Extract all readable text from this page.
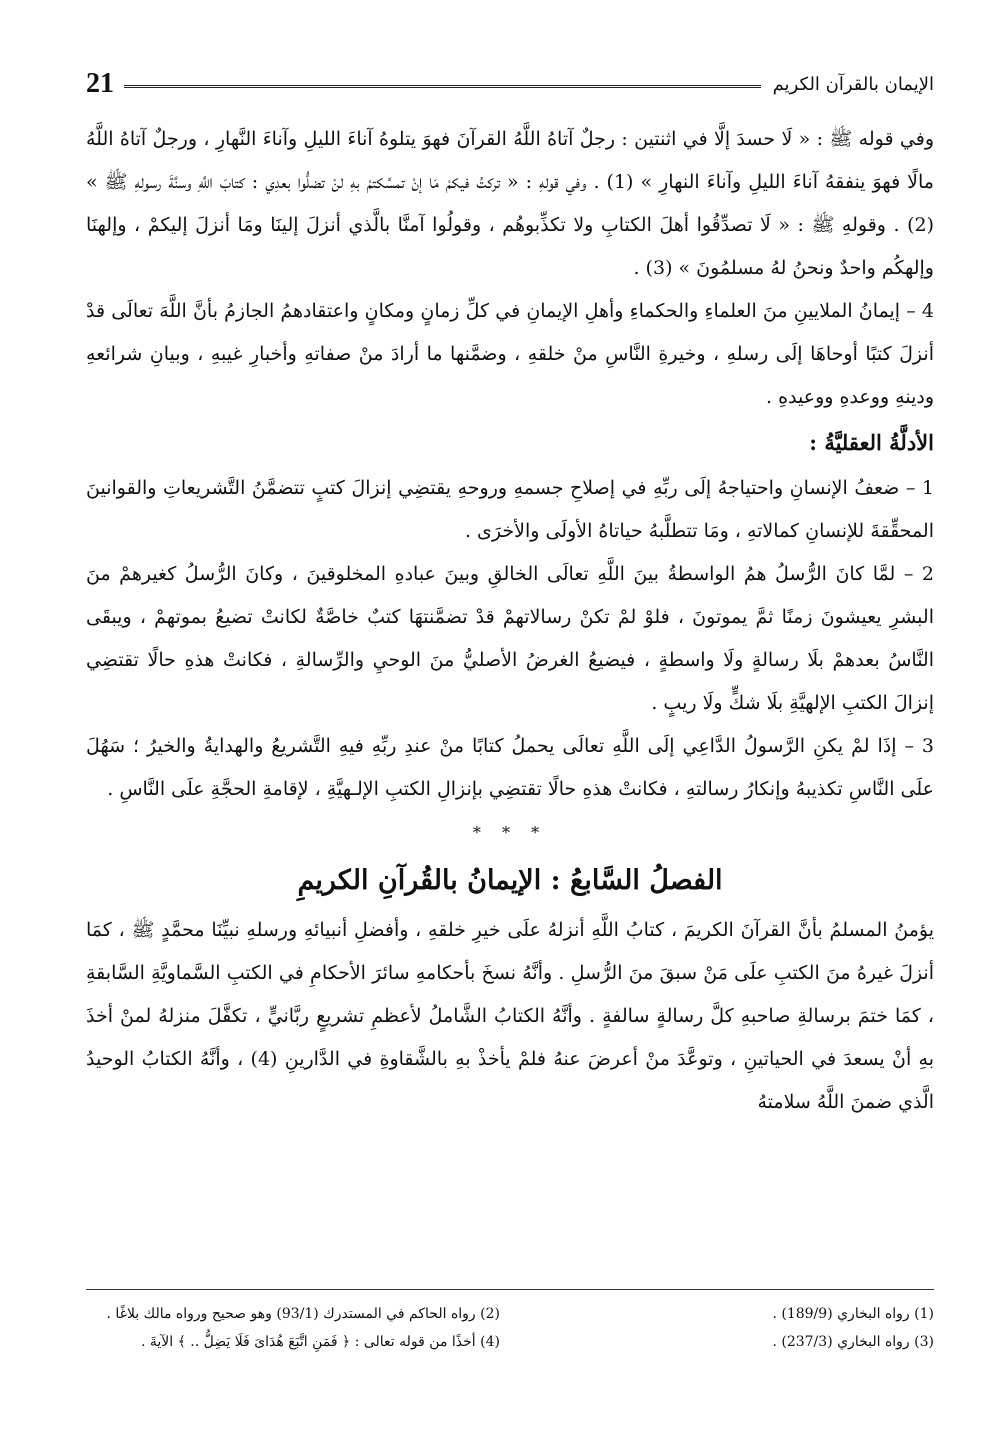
21	الإيمان بالقرآن الكريم

وفي قوله ﷺ : « لَا حسدَ إلَّا في اثنتين : رجلٌ آتاهُ اللَّهُ القرآنَ فهوَ يتلوهُ آناءَ الليلِ وآناءَ النَّهارِ ، ورجلٌ آتاهُ اللَّهُ مالًا فهوَ ينفقهُ آناءَ الليلِ وآناءَ النهارِ » (1) . وفي قولهِ : « تركتُ فيكمْ مَا إنْ تمسَّكتمْ بهِ لنْ تضلُّوا بعدِي : كتابَ اللَّهِ وسنَّةَ رسولهِ ﷺ » (2) . وقولهِ ﷺ : « لَا تصدِّقُوا أهلَ الكتابِ ولا تكذِّبوهُم ، وقولُوا آمنَّا بالَّذي أنزلَ إلينَا ومَا أنزلَ إليكمْ ، وإلهنَا وإلهكُم واحدٌ ونحنُ لهُ مسلمُونَ » (3) .

4 – إيمانُ الملايينِ منَ العلماءِ والحكماءِ وأهلِ الإيمانِ في كلِّ زمانٍ ومكانٍ واعتقادهمُ الجازمُ بأنَّ اللَّهَ تعالَى قدْ أنزلَ كتبًا أوحاهَا إلَى رسلهِ ، وخيرةِ النَّاسِ منْ خلقهِ ، وضمَّنها ما أرادَ منْ صفاتهِ وأخبارِ غيبهِ ، وبيانِ شرائعهِ ودينهِ ووعدهِ ووعيدهِ .

الأدلَّةُ العقليَّةُ :

1 – ضعفُ الإنسانِ واحتياجهُ إلَى ربِّهِ في إصلاحِ جسمهِ وروحهِ يقتضِي إنزالَ كتبٍ تتضمَّنُ التَّشريعاتِ والقوانينَ المحقِّقةَ للإنسانِ كمالاتهِ ، ومَا تتطلَّبهُ حياتاهُ الأولَى والأخرَى .

2 – لمَّا كانَ الرُّسلُ همُ الواسطةُ بينَ اللَّهِ تعالَى الخالقِ وبينَ عبادهِ المخلوقينَ ، وكانَ الرُّسلُ كغيرهمْ منَ البشرِ يعيشونَ زمنًا ثمَّ يموتونَ ، فلوْ لمْ تكنْ رسالاتهمْ قدْ تضمَّنتهَا كتبٌ خاصَّةٌ لكانتْ تضيعُ بموتهمْ ، ويبقَى النَّاسُ بعدهمْ بلَا رسالةٍ ولَا واسطةٍ ، فيضيعُ الغرضُ الأصليُّ منَ الوحيِ والرِّسالةِ ، فكانتْ هذهِ حالًا تقتضِي إنزالَ الكتبِ الإلهيَّةِ بلَا شكٍّ ولَا ريبٍ .

3 – إذَا لمْ يكنِ الرَّسولُ الدَّاعِي إلَى اللَّهِ تعالَى يحملُ كتابًا منْ عندِ ربِّهِ فيهِ التَّشريعُ والهدايةُ والخيرُ ؛ سَهُلَ علَى النَّاسِ تكذيبهُ وإنكارُ رسالتهِ ، فكانتْ هذهِ حالًا تقتضِي بإنزالِ الكتبِ الإلـهيَّةِ ، لإقامةِ الحجَّةِ علَى النَّاسِ .

* * *
الفصلُ السَّابعُ : الإيمانُ بالقُرآنِ الكريمِ

يؤمنُ المسلمُ بأنَّ القرآنَ الكريمَ ، كتابُ اللَّهِ أنزلهُ علَى خيرِ خلقهِ ، وأفضلِ أنبيائهِ ورسلهِ نبيِّنَا محمَّدٍ ﷺ ، كمَا أنزلَ غيرهُ منَ الكتبِ علَى مَنْ سبقَ منَ الرُّسلِ . وأنَّهُ نسخَ بأحكامهِ سائرَ الأحكامِ في الكتبِ السَّماويَّةِ السَّابقةِ ، كمَا ختمَ برسالةِ صاحبهِ كلَّ رسالةٍ سالفةٍ . وأنَّهُ الكتابُ الشَّاملُ لأعظمِ تشريعٍ ربَّانيٍّ ، تكفَّلَ منزلهُ لمنْ أخذَ بهِ أنْ يسعدَ في الحياتينِ ، وتوعَّدَ منْ أعرضَ عنهُ فلمْ يأخذْ بهِ بالشَّقاوةِ في الدَّارينِ (4) ، وأنَّهُ الكتابُ الوحيدُ الَّذي ضمنَ اللَّهُ سلامتهُ

(1) رواه البخاري (189/9) .
(2) رواه الحاكم في المستدرك (93/1) وهو صحيح ورواه مالك بلاغًا .
(3) رواه البخاري (237/3) .
(4) أخذًا من قوله تعالى : ﴿ فَمَنِ اتَّبَعَ هُدَاىَ فَلَا يَضِلُّ .. ﴾ الآيةَ .
